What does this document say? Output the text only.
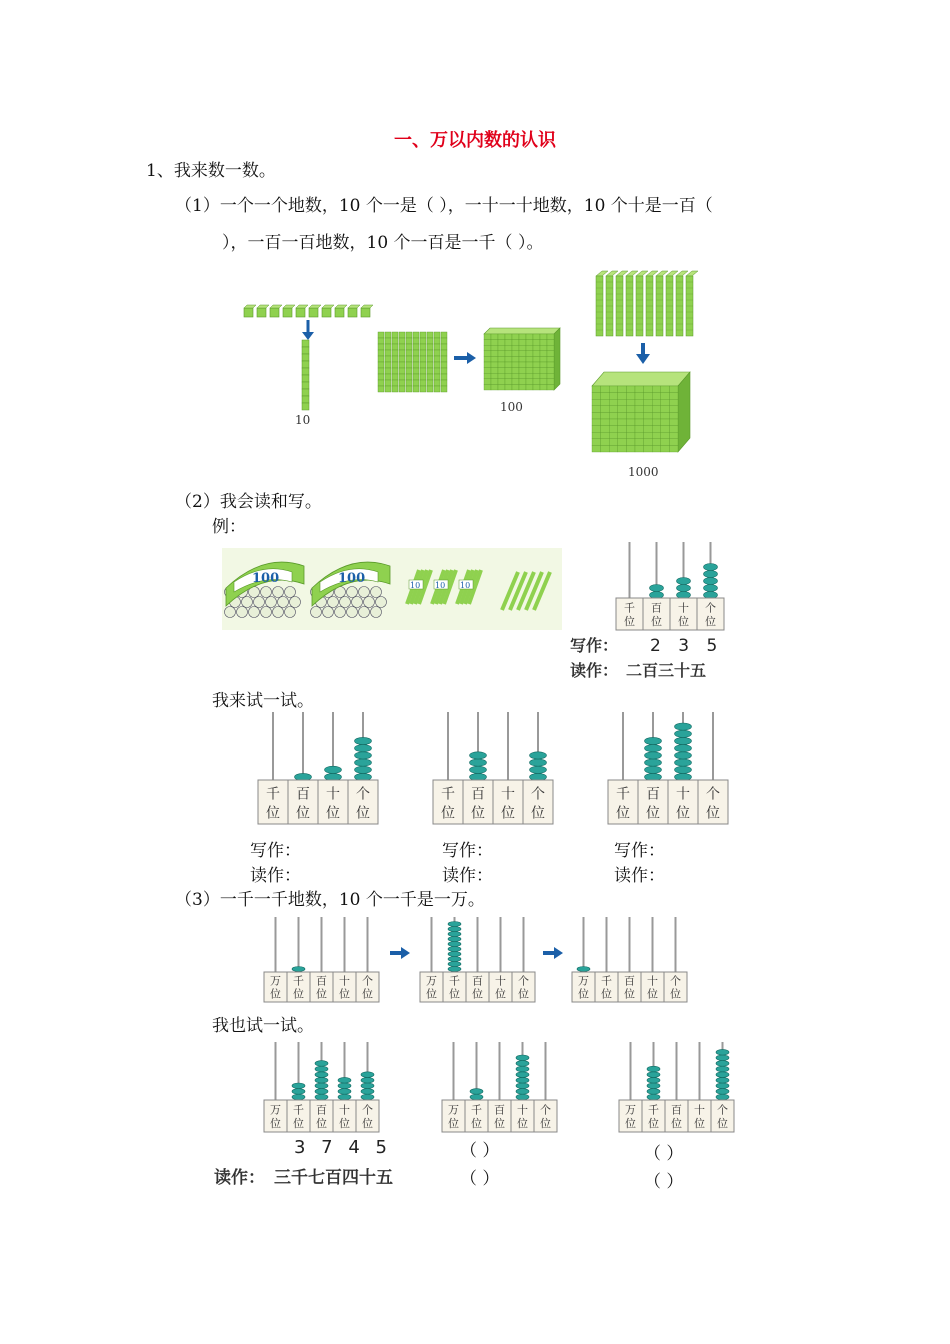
一、万以内数的认识
1、我来数一数。
（1）一个一个地数，10 个一是（ ），一十一十地数，10 个十是一百（
），一百一百地数，10 个一百是一千（ ）。
10
100
1000
（2）我会读和写。
例：
100	100	10 10 10
千
位
百
位
十
位
个
位
写作： 2 3 5
读作： 二百三十五
我来试一试。
千
位
百
位
十
位
个
位
千
位
百
位
十
位
个
位
千
位
百
位
十
位
个
位
写作：
读作：
写作：
读作：
写作：
读作：
（3）一千一千地数，10 个一千是一万。
万
位
千
位
百
位
十
位
个
位
万
位
千
位
百
位
十
位
个
位
万
位
千
位
百
位
十
位
个
位
我也试一试。
万
位
千
位
百
位
十
位
个
位
万
位
千
位
百
位
十
位
个
位
万
位
千
位
百
位
十
位
个
位
3 7 4 5
读作： 三千七百四十五
（ ）
（ ）
（ ）
（ ）
